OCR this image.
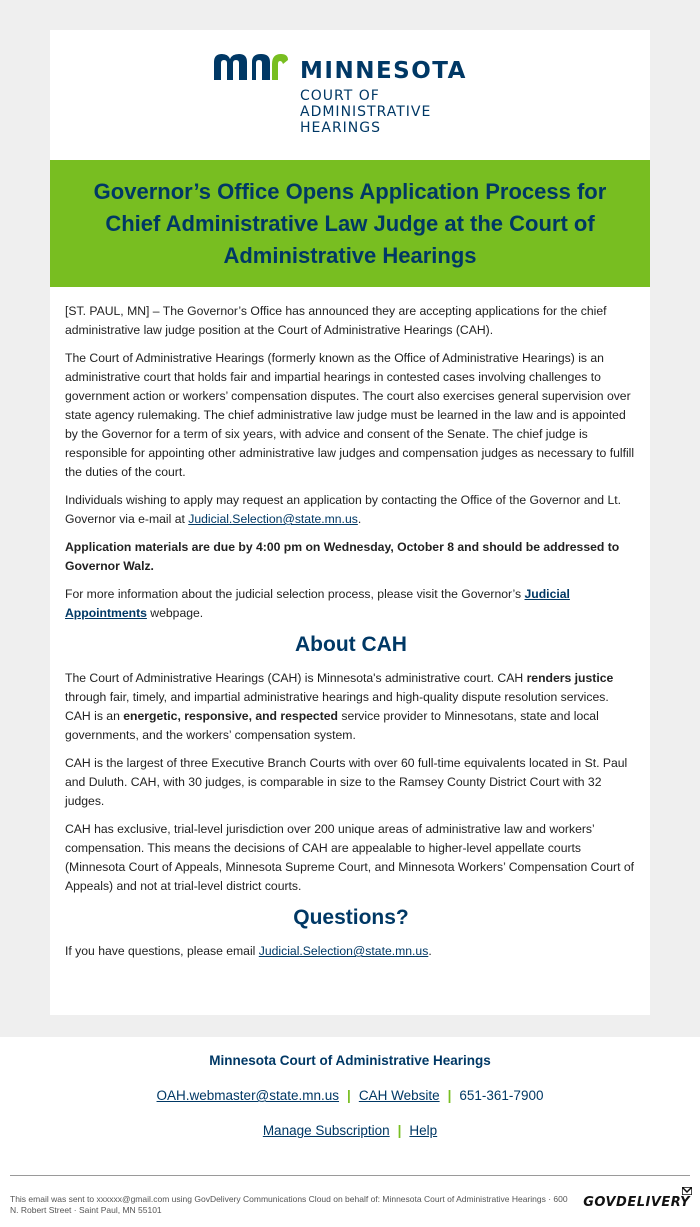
MINNESOTA
COURT OF
ADMINISTRATIVE
HEARINGS
Governor’s Office Opens Application Process for Chief Administrative Law Judge at the Court of Administrative Hearings

[ST. PAUL, MN] – The Governor’s Office has announced they are accepting applications for the chief administrative law judge position at the Court of Administrative Hearings (CAH).

The Court of Administrative Hearings (formerly known as the Office of Administrative Hearings) is an administrative court that holds fair and impartial hearings in contested cases involving challenges to government action or workers’ compensation disputes. The court also exercises general supervision over state agency rulemaking. The chief administrative law judge must be learned in the law and is appointed by the Governor for a term of six years, with advice and consent of the Senate. The chief judge is responsible for appointing other administrative law judges and compensation judges as necessary to fulfill the duties of the court.

Individuals wishing to apply may request an application by contacting the Office of the Governor and Lt. Governor via e-mail at Judicial.Selection@state.mn.us.

Application materials are due by 4:00 pm on Wednesday, October 8 and should be addressed to Governor Walz.

For more information about the judicial selection process, please visit the Governor’s Judicial Appointments webpage.

About CAH

The Court of Administrative Hearings (CAH) is Minnesota's administrative court. CAH renders justice through fair, timely, and impartial administrative hearings and high-quality dispute resolution services. CAH is an energetic, responsive, and respected service provider to Minnesotans, state and local governments, and the workers’ compensation system.

CAH is the largest of three Executive Branch Courts with over 60 full-time equivalents located in St. Paul and Duluth. CAH, with 30 judges, is comparable in size to the Ramsey County District Court with 32 judges.

CAH has exclusive, trial-level jurisdiction over 200 unique areas of administrative law and workers’ compensation. This means the decisions of CAH are appealable to higher-level appellate courts (Minnesota Court of Appeals, Minnesota Supreme Court, and Minnesota Workers’ Compensation Court of Appeals) and not at trial-level district courts.

Questions?

If you have questions, please email Judicial.Selection@state.mn.us.

Minnesota Court of Administrative Hearings
OAH.webmaster@state.mn.us | CAH Website | 651-361-7900
Manage Subscription | Help
This email was sent to xxxxxx@gmail.com using GovDelivery Communications Cloud on behalf of: Minnesota Court of Administrative Hearings · 600 N. Robert Street · Saint Paul, MN 55101	GOVDELIVERY
